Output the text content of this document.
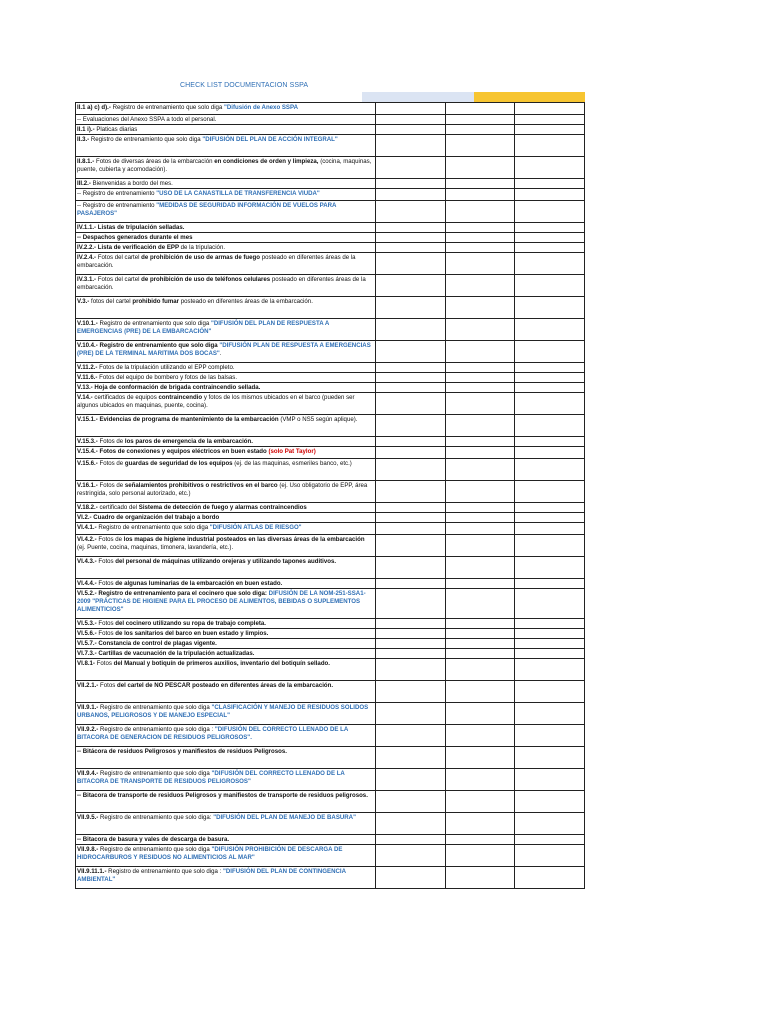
CHECK LIST DOCUMENTACION SSPA
II.1 a) c) d).- Registro de entrenamiento que solo diga "Difusión de Anexo SSPA			
-- Evaluaciones del Anexo SSPA a todo el personal.			
II.1 i).- Platicas diarias			
II.3.- Registro de entrenamiento que solo diga "DIFUSIÓN DEL PLAN DE ACCIÓN INTEGRAL"			
II.8.1.- Fotos de diversas áreas de la embarcación en condiciones de orden y limpieza, (cocina, maquinas, puente, cubierta y acomodación).			
III.2.- Bienvenidas a bordo del mes.			
-- Registro de entrenamiento "USO DE LA CANASTILLA DE TRANSFERENCIA VIUDA"			
-- Registro de entrenamiento "MEDIDAS DE SEGURIDAD INFORMACIÓN DE VUELOS PARA PASAJEROS"			
IV.1.1.- Listas de tripulación selladas.			
-- Despachos generados durante el mes			
IV.2.2.- Lista de verificación de EPP de la tripulación.			
IV.2.4.- Fotos del cartel de prohibición de uso de armas de fuego posteado en diferentes áreas de la embarcación.			
IV.3.1.- Fotos del cartel de prohibición de uso de teléfonos celulares posteado en diferentes áreas de la embarcación.			
V.3.- fotos del cartel prohibido fumar posteado en diferentes áreas de la embarcación.			
V.10.1.- Registro de entrenamiento que solo diga "DIFUSIÓN DEL PLAN DE RESPUESTA A EMERGENCIAS (PRE) DE LA EMBARCACIÓN"			
V.10.4.- Registro de entrenamiento que solo diga "DIFUSIÓN PLAN DE RESPUESTA A EMERGENCIAS (PRE) DE LA TERMINAL MARITIMA DOS BOCAS".			
V.11.2.- Fotos de la tripulación utilizando el EPP completo.			
V.11.6.- Fotos del equipo de bombero y fotos de las balsas.			
V.13.- Hoja de conformación de brigada contraincendio sellada.			
V.14.- certificados de equipos contraincendio y fotos de los mismos ubicados en el barco (pueden ser algunos ubicados en maquinas, puente, cocina).			
V.15.1.- Evidencias de programa de mantenimiento de la embarcación (VMP o NS5 según aplique).			
V.15.3.- Fotos de los paros de emergencia de la embarcación.			
V.15.4.- Fotos de conexiones y equipos eléctricos en buen estado (solo Pat Taylor)			
V.15.6.- Fotos de guardas de seguridad de los equipos (ej. de las maquinas, esmeriles banco, etc.)			
V.16.1.- Fotos de señalamientos prohibitivos o restrictivos en el barco (ej. Uso obligatorio de EPP, área restringida, solo personal autorizado, etc.)			
V.18.2.- certificado del Sistema de detección de fuego y alarmas contraincendios			
VI.2.- Cuadro de organización del trabajo a bordo			
VI.4.1.- Registro de entrenamiento que solo diga "DIFUSIÓN ATLAS DE RIESGO"			
VI.4.2.- Fotos de los mapas de higiene industrial posteados en las diversas áreas de la embarcación (ej. Puente, cocina, maquinas, timonera, lavandería, etc.).			
VI.4.3.- Fotos del personal de máquinas utilizando orejeras y utilizando tapones auditivos.			
VI.4.4.- Fotos de algunas luminarias de la embarcación en buen estado.			
VI.5.2.- Registro de entrenamiento para el cocinero que solo diga: DIFUSIÓN DE LA NOM-251-SSA1-2009 "PRÁCTICAS DE HIGIENE PARA EL PROCESO DE ALIMENTOS, BEBIDAS O SUPLEMENTOS ALIMENTICIOS"			
VI.5.3.- Fotos del cocinero utilizando su ropa de trabajo completa.			
VI.5.6.- Fotos de los sanitarios del barco en buen estado y limpios.			
VI.5.7.- Constancia de control de plagas vigente.			
VI.7.3.- Cartillas de vacunación de la tripulación actualizadas.			
VI.8.1- Fotos del Manual y botiquín de primeros auxilios, inventario del botiquín sellado.			
VII.2.1.- Fotos del cartel de NO PESCAR posteado en diferentes áreas de la embarcación.			
VII.9.1.- Registro de entrenamiento que solo diga "CLASIFICACIÓN Y MANEJO DE RESIDUOS SOLIDOS URBANOS, PELIGROSOS Y DE MANEJO ESPECIAL"			
VII.9.2.- Registro de entrenamiento que solo diga : "DIFUSIÓN DEL CORRECTO LLENADO DE LA BITACORA DE GENERACION DE RESIDUOS PELIGROSOS".			
-- Bitácora de residuos Peligrosos y manifiestos de residuos Peligrosos.			
VII.9.4.- Registro de entrenamiento que solo diga "DIFUSIÓN DEL CORRECTO LLENADO DE LA BITACORA DE TRANSPORTE DE RESIDUOS PELIGROSOS"			
-- Bitacora de transporte de residuos Peligrosos y manifiestos de transporte de residuos peligrosos.			
VII.9.5.- Registro de entrenamiento que solo diga: "DIFUSIÓN DEL PLAN DE MANEJO DE BASURA"			
-- Bitacora de basura y vales de descarga de basura.			
VII.9.8.- Registro de entrenamiento que solo diga "DIFUSIÓN PROHIBICIÓN DE DESCARGA DE HIDROCARBUROS Y RESIDUOS NO ALIMENTICIOS AL MAR"			
VII.9.11.1.- Registro de entrenamiento que solo diga : "DIFUSIÓN DEL PLAN DE CONTINGENCIA AMBIENTAL"			
